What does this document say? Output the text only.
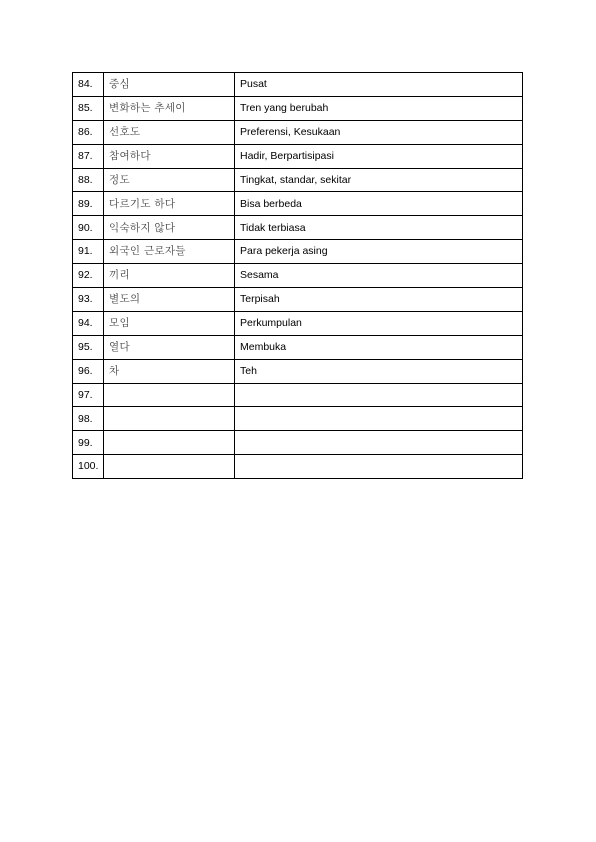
84.	중심	Pusat
85.	변화하는 추세이	Tren yang berubah
86.	선호도	Preferensi, Kesukaan
87.	참여하다	Hadir, Berpartisipasi
88.	정도	Tingkat, standar, sekitar
89.	다르기도 하다	Bisa berbeda
90.	익숙하지 않다	Tidak terbiasa
91.	외국인 근로자들	Para pekerja asing
92.	끼리	Sesama
93.	별도의	Terpisah
94.	모임	Perkumpulan
95.	열다	Membuka
96.	차	Teh
97.		
98.		
99.		
100.		
